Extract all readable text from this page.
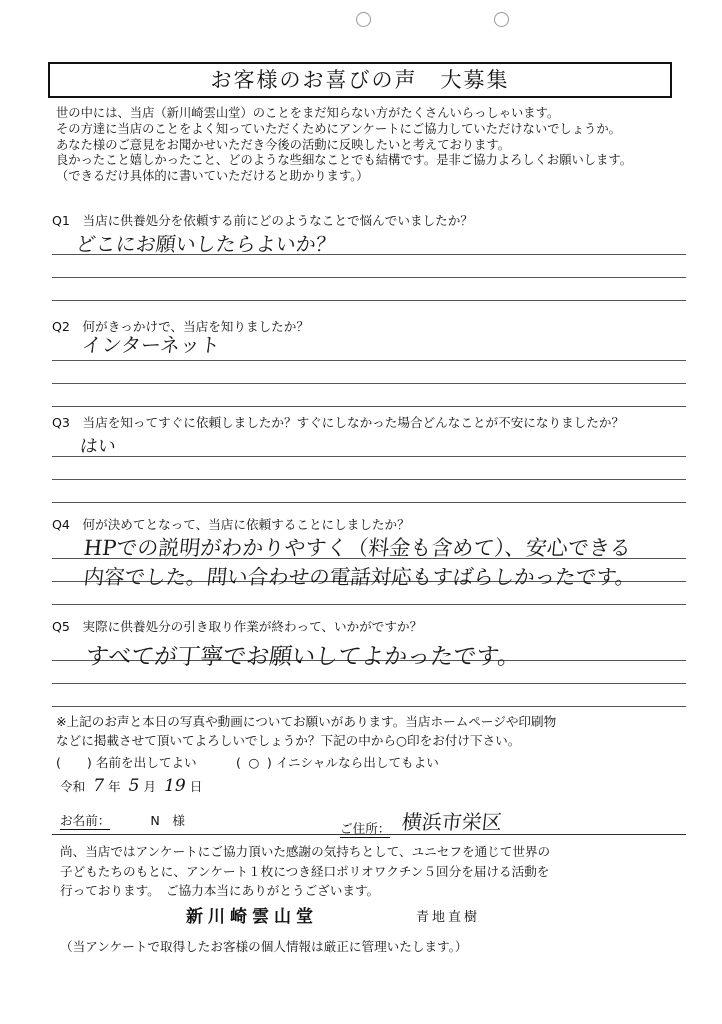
お客様のお喜びの声　大募集
世の中には、当店（新川崎雲山堂）のことをまだ知らない方がたくさんいらっしゃいます。
その方達に当店のことをよく知っていただくためにアンケートにご協力していただけないでしょうか。
あなた様のご意見をお聞かせいただき今後の活動に反映したいと考えております。
良かったこと嬉しかったこと、どのような些細なことでも結構です。是非ご協力よろしくお願いします。
（できるだけ具体的に書いていただけると助かります。）
Q1　当店に供養処分を依頼する前にどのようなことで悩んでいましたか？
どこにお願いしたらよいか？
Q2　何がきっかけで、当店を知りましたか？
インターネット
Q3　当店を知ってすぐに依頼しましたか？すぐにしなかった場合どんなことが不安になりましたか？
はい
Q4　何が決めてとなって、当店に依頼することにしましたか？
HPでの説明がわかりやすく（料金も含めて）、安心できる
内容でした。問い合わせの電話対応もすばらしかったです。
Q5　実際に供養処分の引き取り作業が終わって、いかがですか？
すべてが丁寧でお願いしてよかったです。
※上記のお声と本日の写真や動画についてお願いがあります。当店ホームページや印刷物
などに掲載させて頂いてよろしいでしょうか？下記の中から○印をお付け下さい。
( ) 名前を出してよい	( ○ ) イニシャルなら出してもよい
令和 7 年 5 月 19 日
お名前：	N　様
ご住所： 横浜市栄区
尚、当店ではアンケートにご協力頂いた感謝の気持ちとして、ユニセフを通じて世界の
子どもたちのもとに、アンケート１枚につき経口ポリオワクチン５回分を届ける活動を
行っております。　ご協力本当にありがとうございます。
新川崎雲山堂	青地直樹
（当アンケートで取得したお客様の個人情報は厳正に管理いたします。）
